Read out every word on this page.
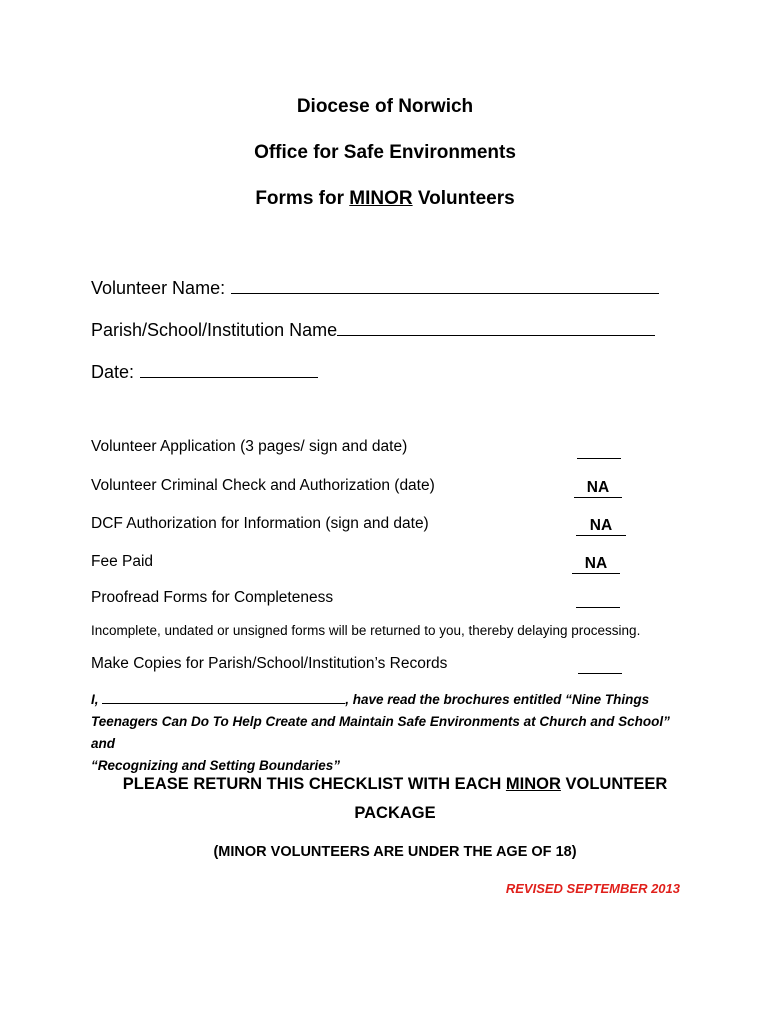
Diocese of Norwich
Office for Safe Environments
Forms for MINOR Volunteers
Volunteer Name:
Parish/School/Institution Name
Date:
Volunteer Application (3 pages/ sign and date)
Volunteer Criminal Check and Authorization (date)	NA
DCF Authorization for Information (sign and date)	NA
Fee Paid	NA
Proofread Forms for Completeness
Incomplete, undated or unsigned forms will be returned to you, thereby delaying processing.
Make Copies for Parish/School/Institution’s Records
I,	, have read the brochures entitled “Nine Things
Teenagers Can Do To Help Create and Maintain Safe Environments at Church and School” and
“Recognizing and Setting Boundaries”
PLEASE RETURN THIS CHECKLIST WITH EACH MINOR VOLUNTEER PACKAGE
(MINOR VOLUNTEERS ARE UNDER THE AGE OF 18)
REVISED SEPTEMBER 2013
